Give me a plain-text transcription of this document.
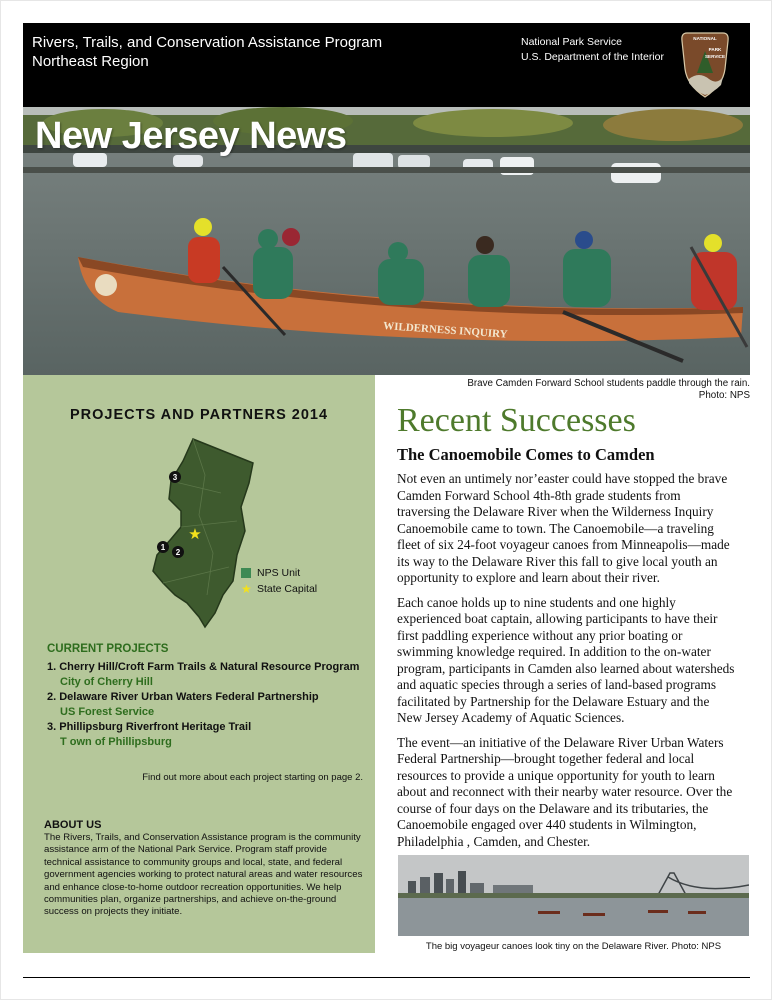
Rivers, Trails, and Conservation Assistance Program
Northeast Region
National Park Service
U.S. Department of the Interior
NATIONAL
PARK
SERVICE
WILDERNESS INQUIRY
New Jersey News
PROJECTS AND PARTNERS 2014
3
1
2
★
NPS Unit
★ State Capital
CURRENT PROJECTS
1. Cherry Hill/Croft Farm Trails & Natural Resource Program
City of Cherry Hill
2. Delaware River Urban Waters Federal Partnership
US Forest Service
3. Phillipsburg Riverfront Heritage Trail
T own of Phillipsburg
Find out more about each project starting on page 2.
ABOUT US
The Rivers, Trails, and Conservation Assistance program is the community assistance arm of the National Park Service. Program staff provide technical assistance to community groups and local, state, and federal government agencies working to protect natural areas and water resources and enhance close-to-home outdoor recreation opportunities. We help communities plan, organize partnerships, and achieve on-the-ground success on projects they initiate.
Brave Camden Forward School students paddle through the rain.
Photo: NPS
Recent Successes
The Canoemobile Comes to Camden

Not even an untimely nor’easter could have stopped the brave Camden Forward School 4th-8th grade students from traversing the Delaware River when the Wilderness Inquiry Canoemobile came to town. The Canoemobile—a traveling fleet of six 24-foot voyageur canoes from Minneapolis—made its way to the Delaware River this fall to give local youth an opportunity to explore and learn about their river.

Each canoe holds up to nine students and one highly experienced boat captain, allowing participants to have their first paddling experience without any prior boating or swimming knowledge required. In addition to the on-water program, participants in Camden also learned about watersheds and aquatic species through a series of land-based programs facilitated by Partnership for the Delaware Estuary and the New Jersey Academy of Aquatic Sciences.

The event—an initiative of the Delaware River Urban Waters Federal Partnership—brought together federal and local resources to provide a unique opportunity for youth to learn about and reconnect with their nearby water resource. Over the course of four days on the Delaware and its tributaries, the Canoemobile engaged over 440 students in Wilmington, Philadelphia , Camden, and Chester.

The big voyageur canoes look tiny on the Delaware River. Photo: NPS
